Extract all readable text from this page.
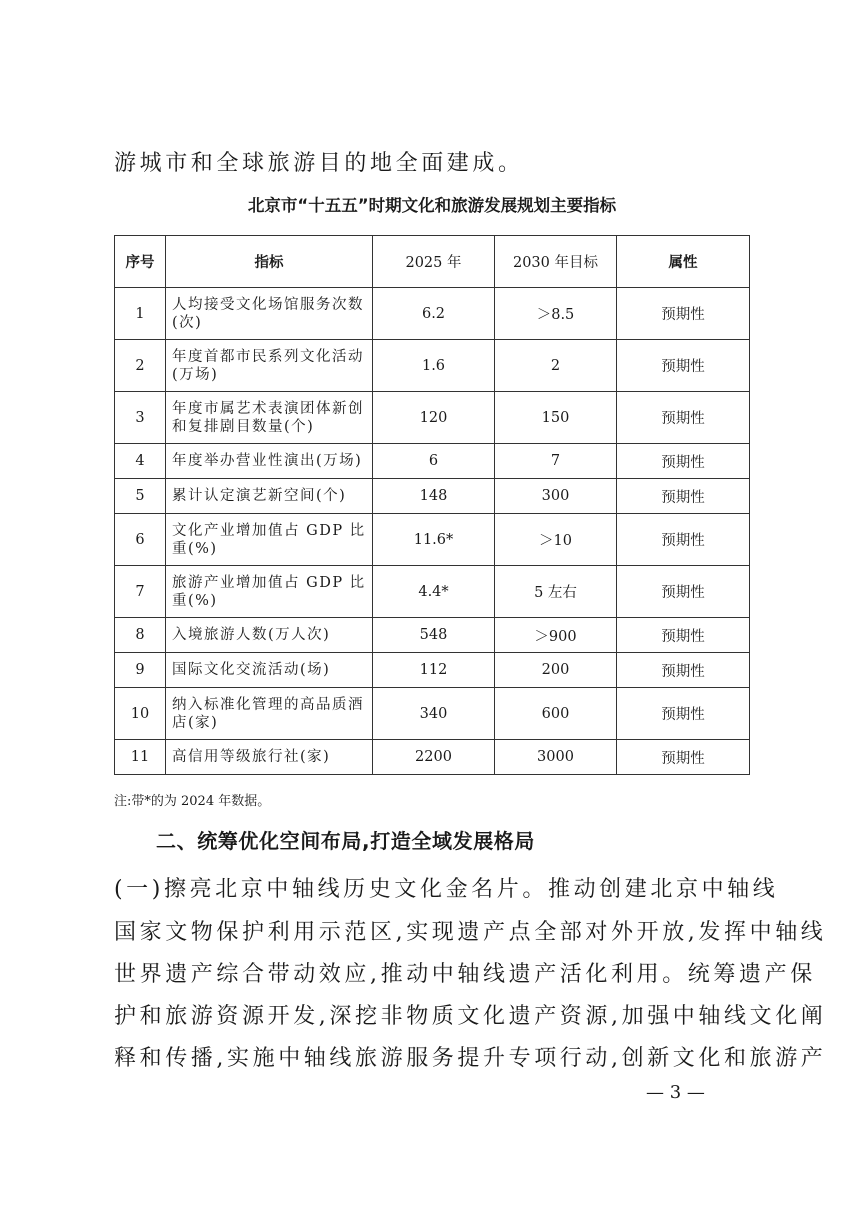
游城市和全球旅游目的地全面建成。
北京市“十五五”时期文化和旅游发展规划主要指标
序号	指标	2025 年	2030 年目标	属性
1	人均接受文化场馆服务次数(次)	6.2	＞8.5	预期性
2	年度首都市民系列文化活动(万场)	1.6	2	预期性
3	年度市属艺术表演团体新创和复排剧目数量(个)	120	150	预期性
4	年度举办营业性演出(万场)	6	7	预期性
5	累计认定演艺新空间(个)	148	300	预期性
6	文化产业增加值占 GDP 比重(%)	11.6*	＞10	预期性
7	旅游产业增加值占 GDP 比重(%)	4.4*	5 左右	预期性
8	入境旅游人数(万人次)	548	＞900	预期性
9	国际文化交流活动(场)	112	200	预期性
10	纳入标准化管理的高品质酒店(家)	340	600	预期性
11	高信用等级旅行社(家)	2200	3000	预期性
注:带*的为 2024 年数据。
二、统筹优化空间布局,打造全域发展格局
(一)擦亮北京中轴线历史文化金名片。推动创建北京中轴线
国家文物保护利用示范区,实现遗产点全部对外开放,发挥中轴线
世界遗产综合带动效应,推动中轴线遗产活化利用。统筹遗产保
护和旅游资源开发,深挖非物质文化遗产资源,加强中轴线文化阐
释和传播,实施中轴线旅游服务提升专项行动,创新文化和旅游产
— 3 —
